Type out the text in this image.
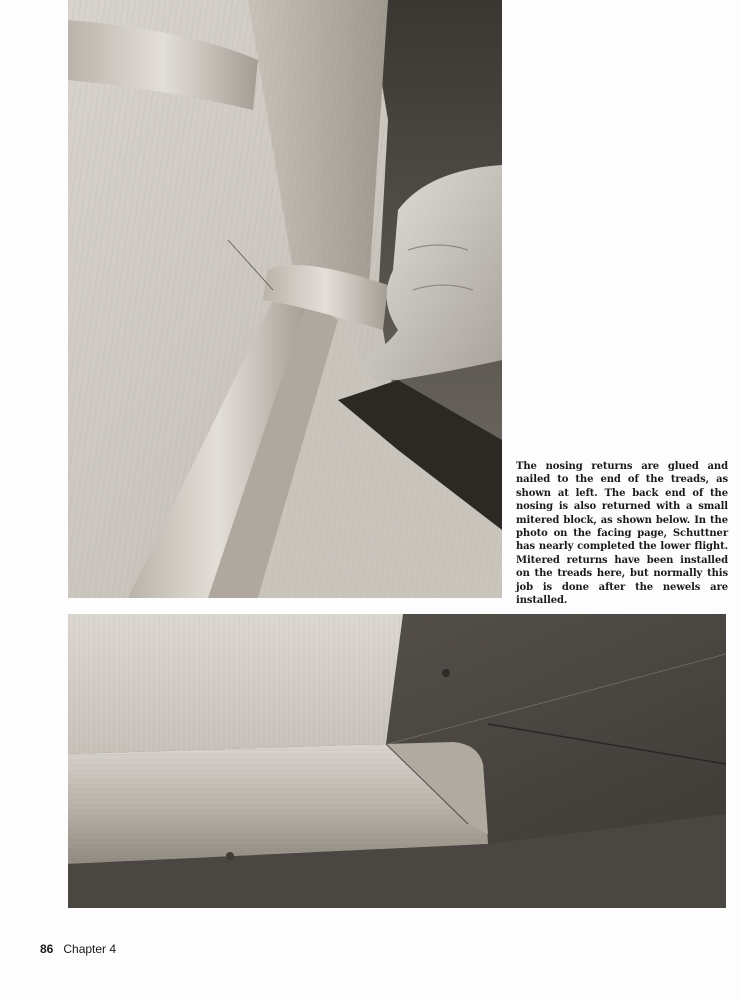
The nosing returns are glued and nailed to the end of the treads, as shown at left. The back end of the nosing is also returned with a small mitered block, as shown below. In the photo on the facing page, Schuttner has nearly completed the lower flight. Mitered returns have been installed on the treads here, but normally this job is done after the newels are installed.
86 Chapter 4
